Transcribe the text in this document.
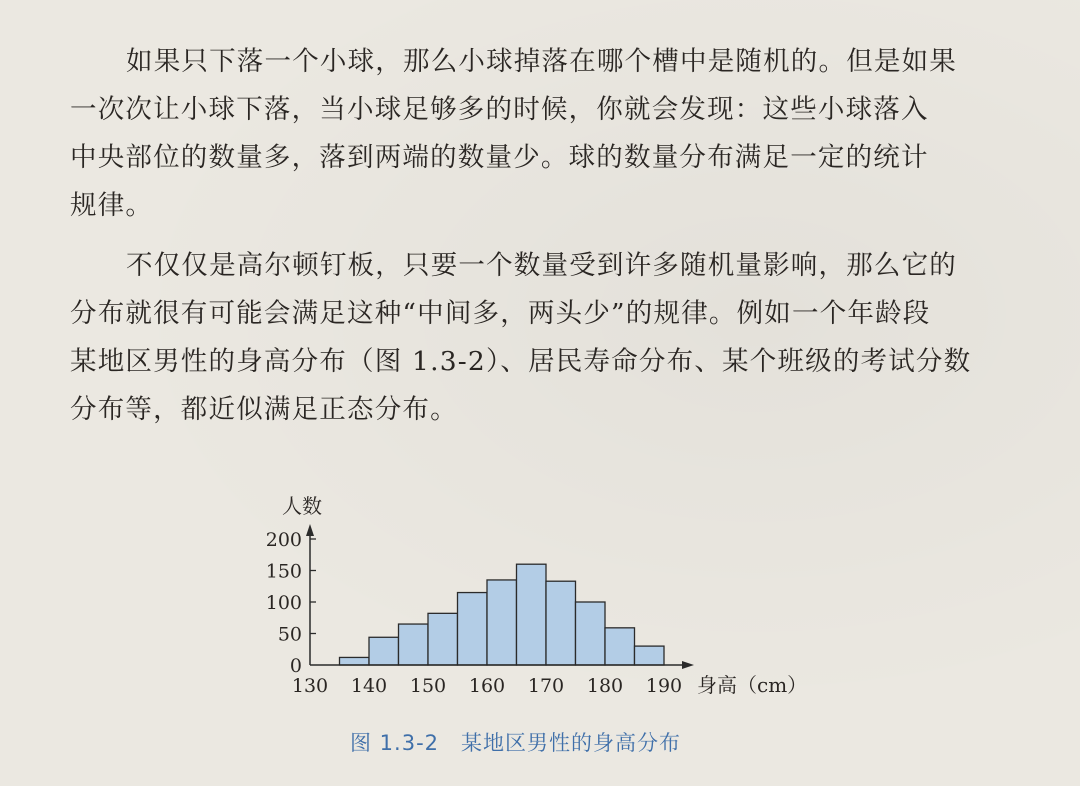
如果只下落一个小球，那么小球掉落在哪个槽中是随机的。但是如果
一次次让小球下落，当小球足够多的时候，你就会发现：这些小球落入
中央部位的数量多，落到两端的数量少。球的数量分布满足一定的统计
规律。

不仅仅是高尔顿钉板，只要一个数量受到许多随机量影响，那么它的
分布就很有可能会满足这种“中间多，两头少”的规律。例如一个年龄段
某地区男性的身高分布（图 1.3-2）、居民寿命分布、某个班级的考试分数
分布等，都近似满足正态分布。

0
50
100
150
200
130 140 150 160 170 180 190
人数
身高（cm）
图 1.3-2 某地区男性的身高分布
